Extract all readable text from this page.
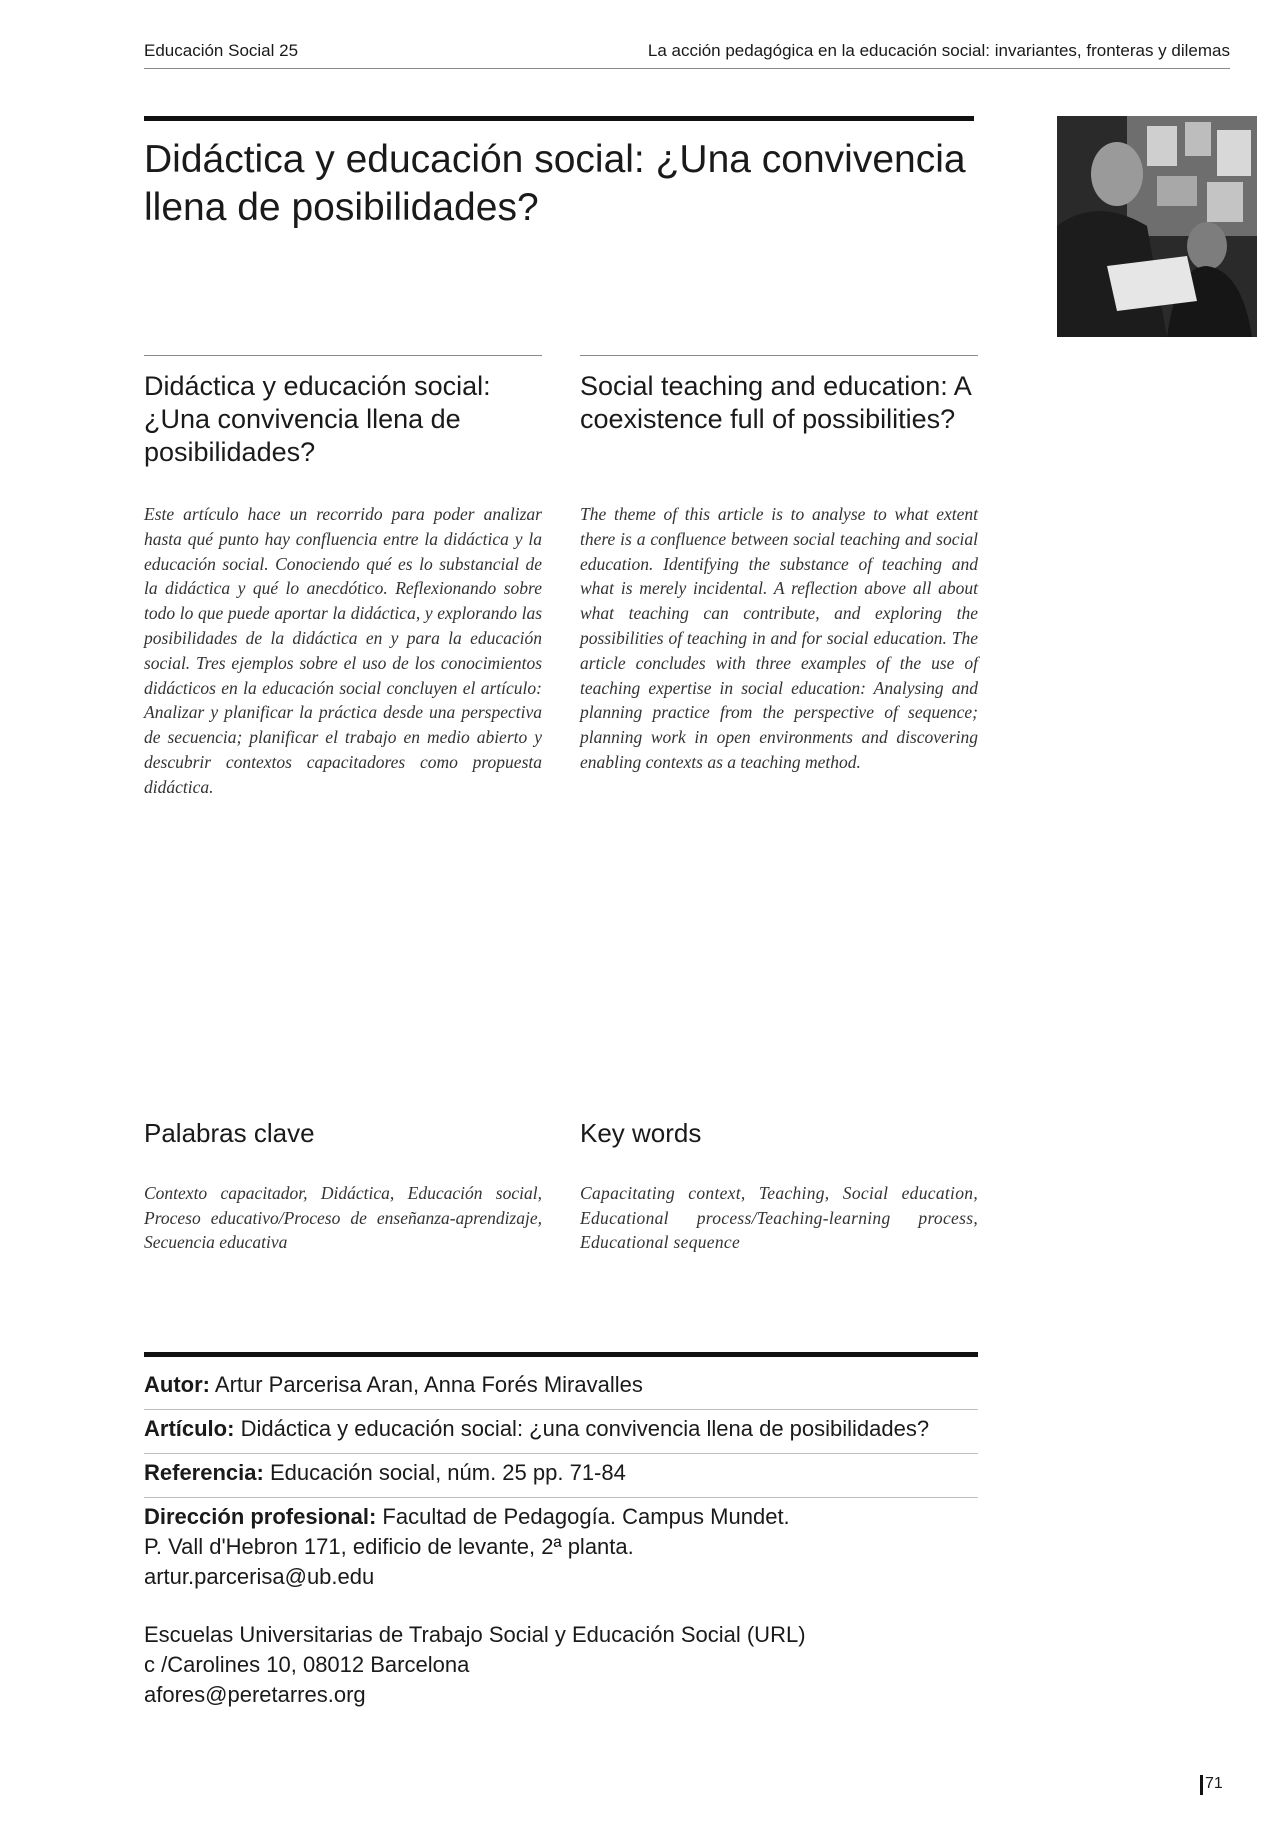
Educación Social 25	La acción pedagógica en la educación social: invariantes, fronteras y dilemas
Didáctica y educación social: ¿Una convivencia llena de posibilidades?
Didáctica y educación social: ¿Una convivencia llena de posibilidades?

Este artículo hace un recorrido para poder analizar hasta qué punto hay confluencia entre la didáctica y la educación social. Conociendo qué es lo substancial de la didáctica y qué lo anecdótico. Reflexionando sobre todo lo que puede aportar la didáctica, y explorando las posibilidades de la didáctica en y para la educación social. Tres ejemplos sobre el uso de los conocimientos didácticos en la educación social concluyen el artículo: Analizar y planificar la práctica desde una perspectiva de secuencia; planificar el trabajo en medio abierto y descubrir contextos capacitadores como propuesta didáctica.

Social teaching and education: A coexistence full of possibilities?

The theme of this article is to analyse to what extent there is a confluence between social teaching and social education. Identifying the substance of teaching and what is merely incidental. A reflection above all about what teaching can contribute, and exploring the possibilities of teaching in and for social education. The article concludes with three examples of the use of teaching expertise in social education: Analysing and planning practice from the perspective of sequence; planning work in open environments and discovering enabling contexts as a teaching method.

Palabras clave	Key words

Contexto capacitador, Didáctica, Educación social, Proceso educativo/Proceso de enseñanza-aprendizaje, Secuencia educativa

Capacitating context, Teaching, Social education, Educational process/Teaching-learning process, Educational sequence

Autor: Artur Parcerisa Aran, Anna Forés Miravalles
Artículo: Didáctica y educación social: ¿una convivencia llena de posibilidades?
Referencia: Educación social, núm. 25 pp. 71-84
Dirección profesional: Facultad de Pedagogía. Campus Mundet.
P. Vall d'Hebron 171, edificio de levante, 2ª planta.
artur.parcerisa@ub.edu
Escuelas Universitarias de Trabajo Social y Educación Social (URL)
c /Carolines 10, 08012 Barcelona
afores@peretarres.org
71
